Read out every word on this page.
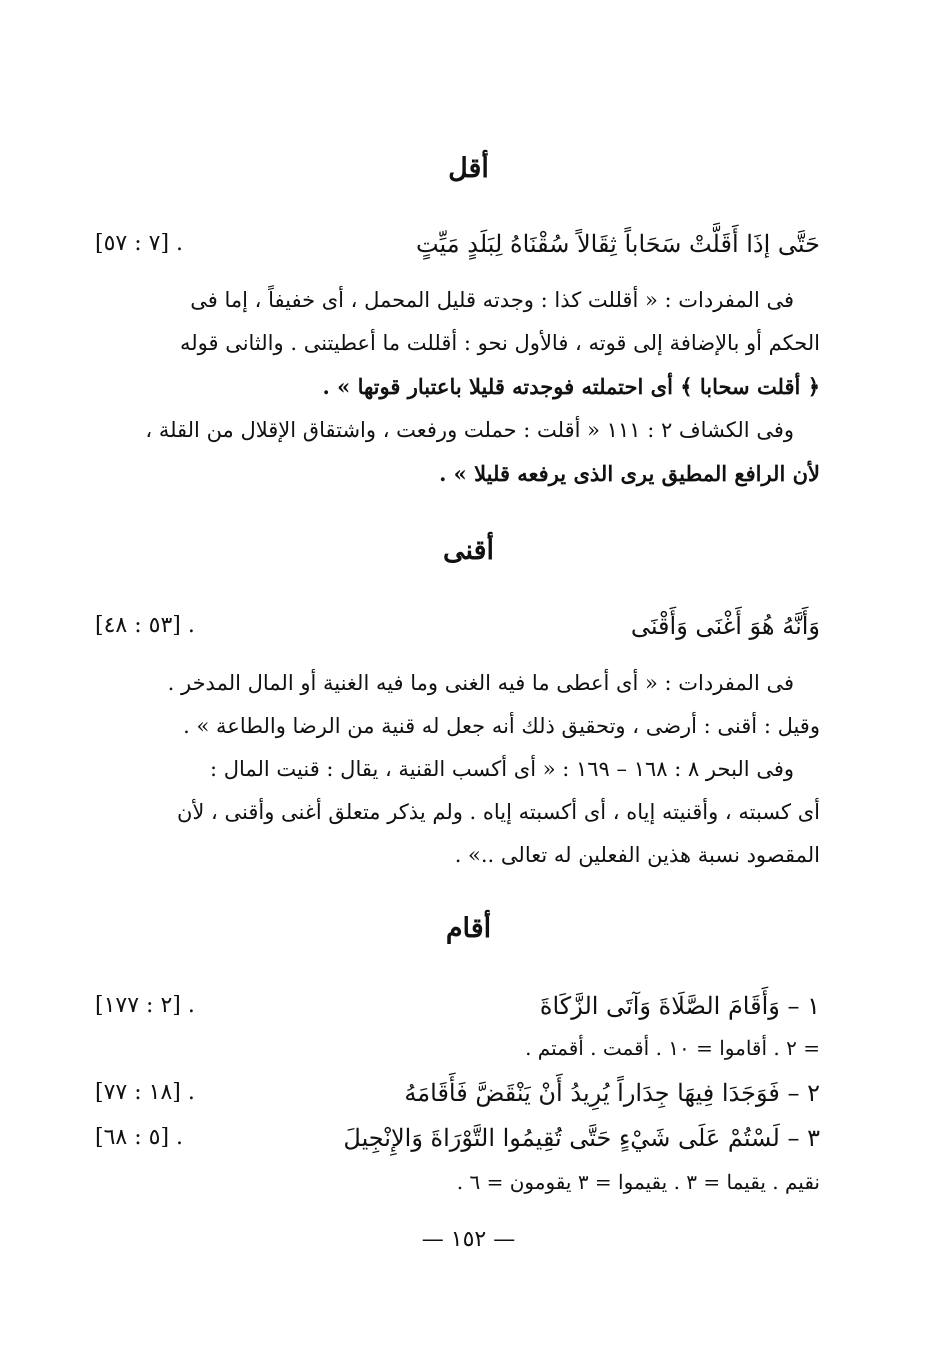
أقل
حَتَّى إذَا أَقَلَّتْ سَحَاباً ثِقَالاً سُقْنَاهُ لِبَلَدٍ مَيِّتٍ
. [٧ : ٥٧]
فى المفردات : « أقللت كذا : وجدته قليل المحمل ، أى خفيفاً ، إما فى
الحكم أو بالإضافة إلى قوته ، فالأول نحو : أقللت ما أعطيتنى . والثانى قوله
﴿ أقلت سحابا ﴾ أى احتملته فوجدته قليلا باعتبار قوتها » .
وفى الكشاف ٢ : ١١١ « أقلت : حملت ورفعت ، واشتقاق الإقلال من القلة ،
لأن الرافع المطيق يرى الذى يرفعه قليلا » .
أقنى
وَأَنَّهُ هُوَ أَغْنَى وَأَقْنَى
. [٥٣ : ٤٨]
فى المفردات : « أى أعطى ما فيه الغنى وما فيه الغنية أو المال المدخر .
وقيل : أقنى : أرضى ، وتحقيق ذلك أنه جعل له قنية من الرضا والطاعة » .
وفى البحر ٨ : ١٦٨ – ١٦٩ : « أى أكسب القنية ، يقال : قنيت المال :
أى كسبته ، وأقنيته إياه ، أى أكسبته إياه . ولم يذكر متعلق أغنى وأقنى ، لأن
المقصود نسبة هذين الفعلين له تعالى ..» .
أقام
١ – وَأَقَامَ الصَّلَاةَ وَآتَى الزَّكَاةَ
. [٢ : ١٧٧]
= ٢ . أقاموا = ١٠ . أقمت . أقمتم .
٢ – فَوَجَدَا فِيهَا جِدَاراً يُرِيدُ أَنْ يَنْقَضَّ فَأَقَامَهُ
. [١٨ : ٧٧]
٣ – لَسْتُمْ عَلَى شَيْءٍ حَتَّى تُقِيمُوا التَّوْرَاةَ وَالإِنْجِيلَ
. [٥ : ٦٨]
نقيم . يقيما = ٣ . يقيموا = ٣ يقومون = ٦ .
— ١٥٢ —
